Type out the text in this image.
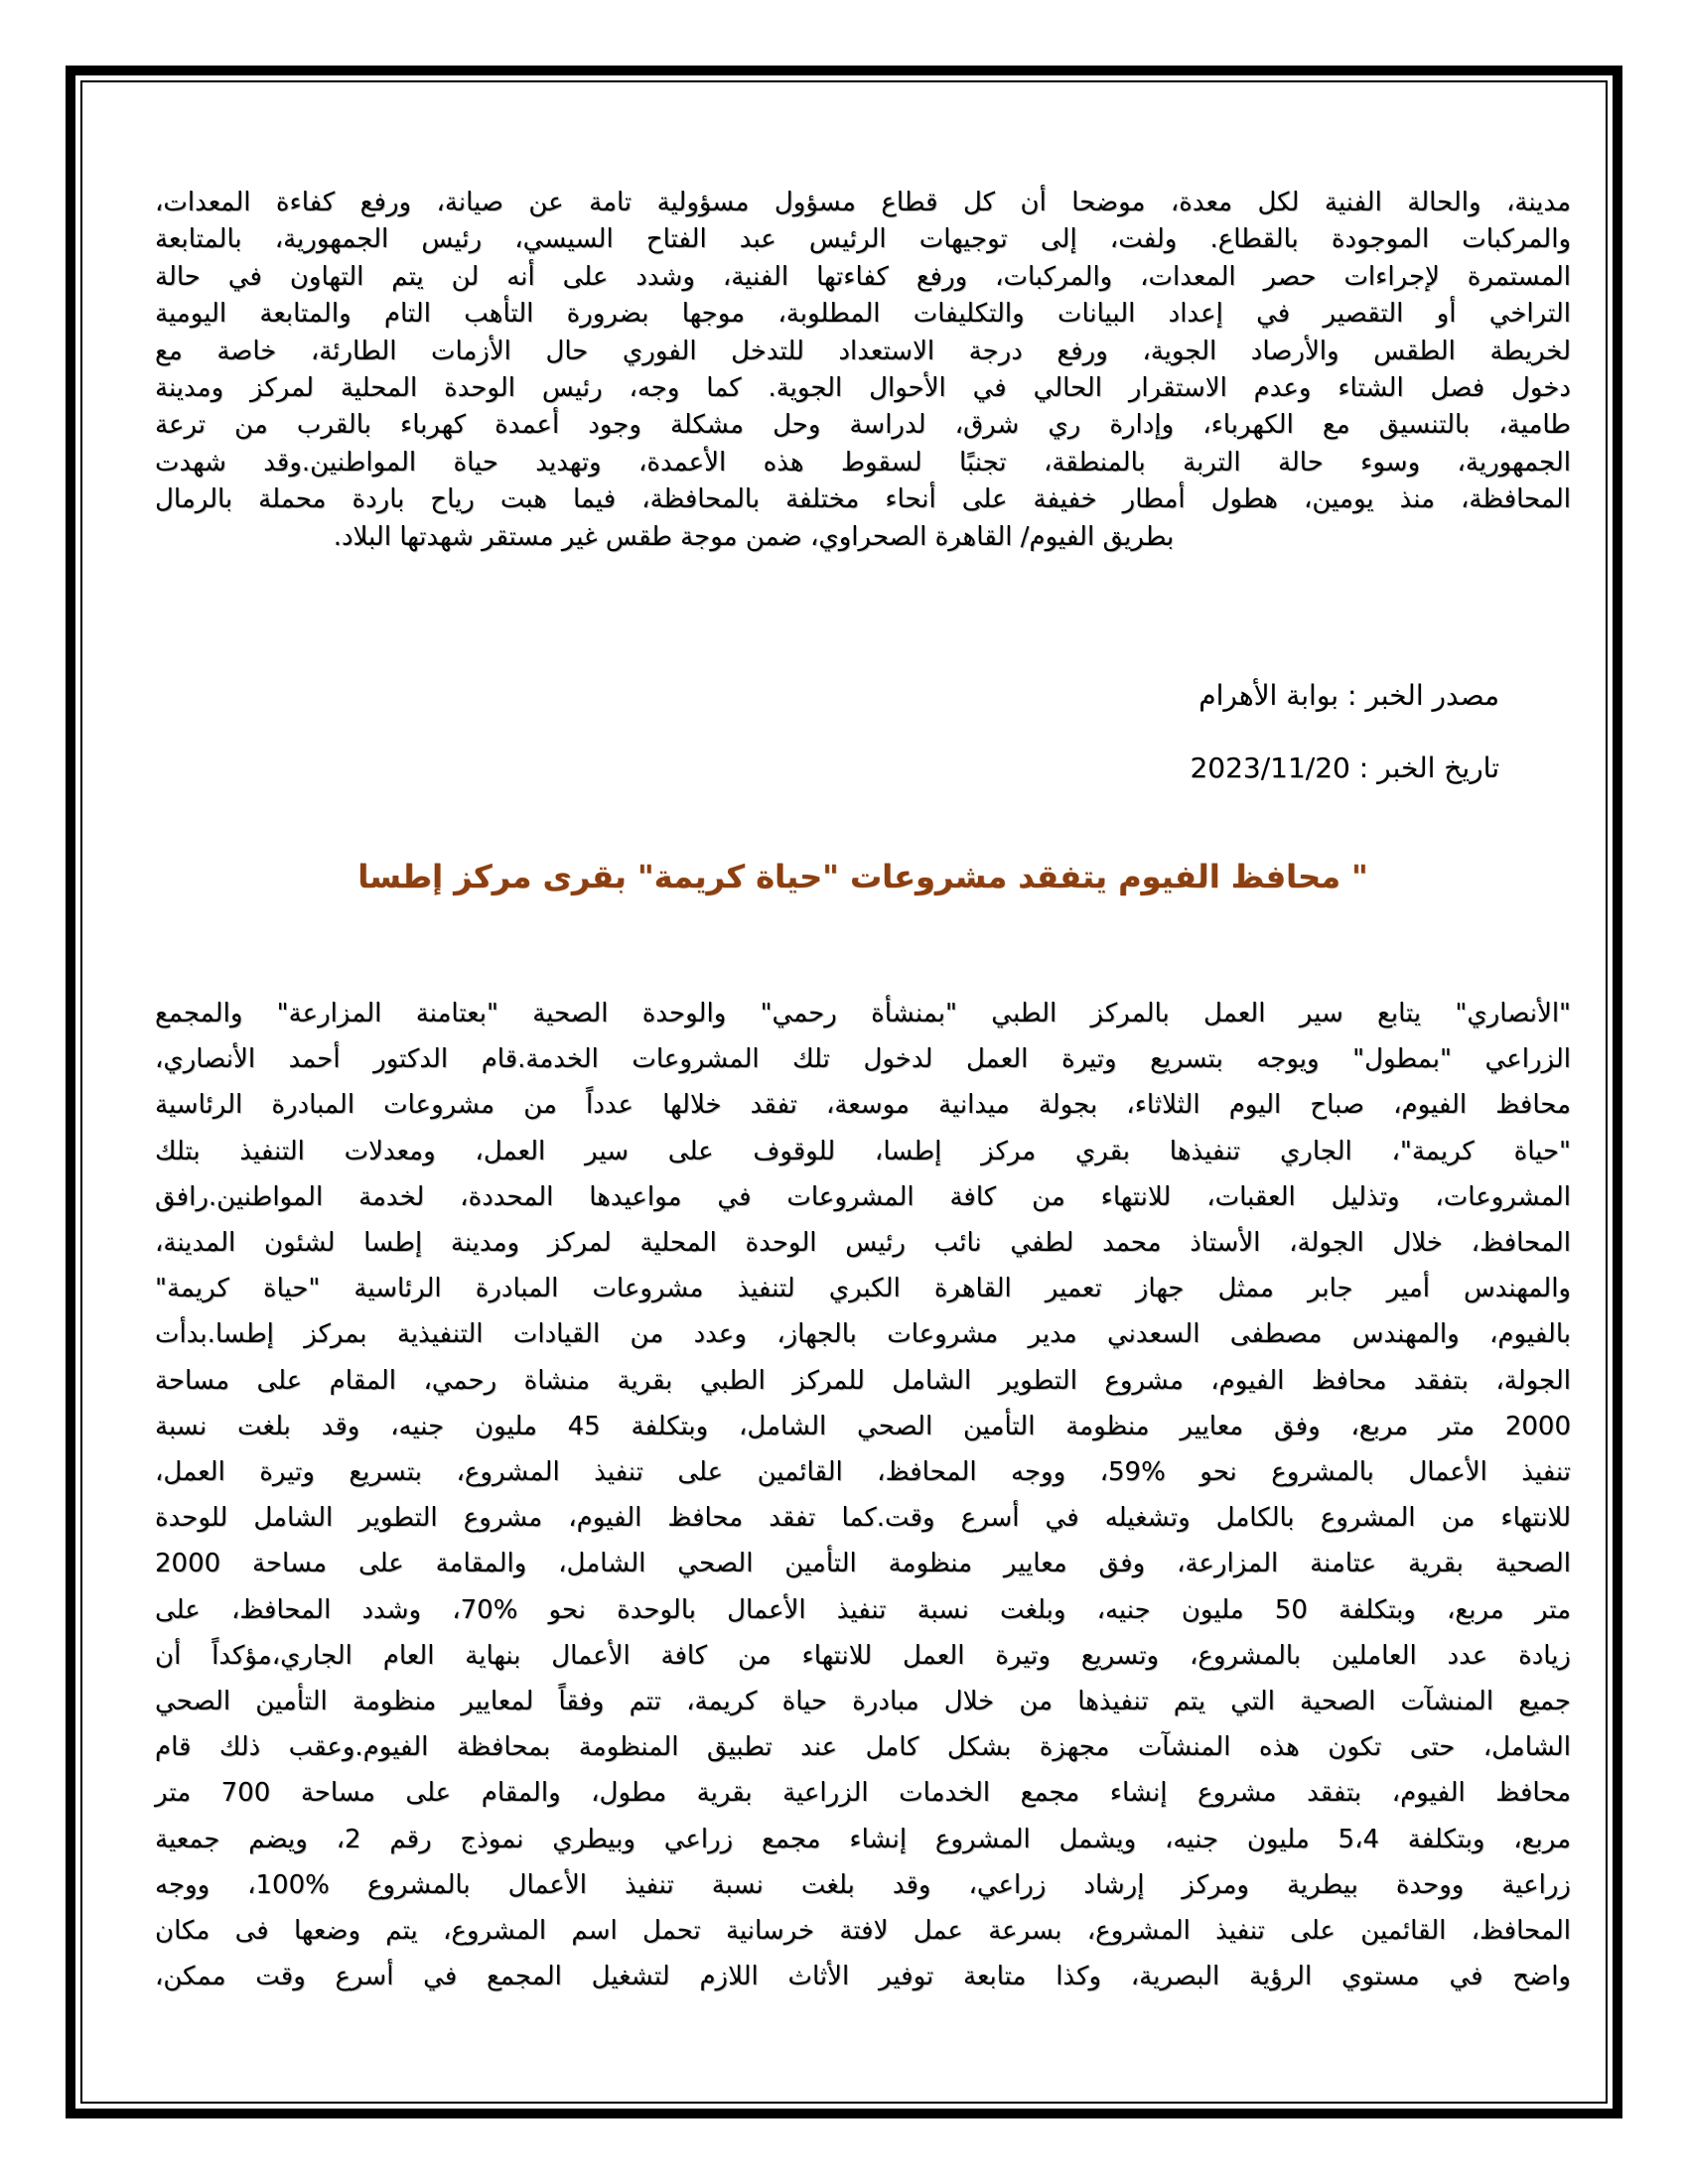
مدينة، والحالة الفنية لكل معدة، موضحا أن كل قطاع مسؤول مسؤولية تامة عن صيانة، ورفع كفاءة المعدات،
والمركبات الموجودة بالقطاع. ولفت، إلى توجيهات الرئيس عبد الفتاح السيسي، رئيس الجمهورية، بالمتابعة
المستمرة لإجراءات حصر المعدات، والمركبات، ورفع كفاءتها الفنية، وشدد على أنه لن يتم التهاون في حالة
التراخي أو التقصير في إعداد البيانات والتكليفات المطلوبة، موجها بضرورة التأهب التام والمتابعة اليومية
لخريطة الطقس والأرصاد الجوية، ورفع درجة الاستعداد للتدخل الفوري حال الأزمات الطارئة، خاصة مع
دخول فصل الشتاء وعدم الاستقرار الحالي في الأحوال الجوية. كما وجه، رئيس الوحدة المحلية لمركز ومدينة
طامية، بالتنسيق مع الكهرباء، وإدارة ري شرق، لدراسة وحل مشكلة وجود أعمدة كهرباء بالقرب من ترعة
الجمهورية، وسوء حالة التربة بالمنطقة، تجنبًا لسقوط هذه الأعمدة، وتهديد حياة المواطنين.وقد شهدت
المحافظة، منذ يومين، هطول أمطار خفيفة على أنحاء مختلفة بالمحافظة، فيما هبت رياح باردة محملة بالرمال
بطريق الفيوم/ القاهرة الصحراوي، ضمن موجة طقس غير مستقر شهدتها البلاد.
مصدر الخبر : بوابة الأهرام
تاريخ الخبر : 2023/11/20
" محافظ الفيوم يتفقد مشروعات "حياة كريمة" بقرى مركز إطسا
"الأنصاري" يتابع سير العمل بالمركز الطبي "بمنشأة رحمي" والوحدة الصحية "بعتامنة المزارعة" والمجمع
الزراعي "بمطول" ويوجه بتسريع وتيرة العمل لدخول تلك المشروعات الخدمة.قام الدكتور أحمد الأنصاري،
محافظ الفيوم، صباح اليوم الثلاثاء، بجولة ميدانية موسعة، تفقد خلالها عدداً من مشروعات المبادرة الرئاسية
"حياة كريمة"، الجاري تنفيذها بقري مركز إطسا، للوقوف على سير العمل، ومعدلات التنفيذ بتلك
المشروعات، وتذليل العقبات، للانتهاء من كافة المشروعات في مواعيدها المحددة، لخدمة المواطنين.رافق
المحافظ، خلال الجولة، الأستاذ محمد لطفي نائب رئيس الوحدة المحلية لمركز ومدينة إطسا لشئون المدينة،
والمهندس أمير جابر ممثل جهاز تعمير القاهرة الكبري لتنفيذ مشروعات المبادرة الرئاسية "حياة كريمة"
بالفيوم، والمهندس مصطفى السعدني مدير مشروعات بالجهاز، وعدد من القيادات التنفيذية بمركز إطسا.بدأت
الجولة، بتفقد محافظ الفيوم، مشروع التطوير الشامل للمركز الطبي بقرية منشاة رحمي، المقام على مساحة
2000 متر مربع، وفق معايير منظومة التأمين الصحي الشامل، وبتكلفة 45 مليون جنيه، وقد بلغت نسبة
تنفيذ الأعمال بالمشروع نحو %59، ووجه المحافظ، القائمين على تنفيذ المشروع، بتسريع وتيرة العمل،
للانتهاء من المشروع بالكامل وتشغيله في أسرع وقت.كما تفقد محافظ الفيوم، مشروع التطوير الشامل للوحدة
الصحية بقرية عتامنة المزارعة، وفق معايير منظومة التأمين الصحي الشامل، والمقامة على مساحة 2000
متر مربع، وبتكلفة 50 مليون جنيه، وبلغت نسبة تنفيذ الأعمال بالوحدة نحو %70، وشدد المحافظ، على
زيادة عدد العاملين بالمشروع، وتسريع وتيرة العمل للانتهاء من كافة الأعمال بنهاية العام الجاري،مؤكداً أن
جميع المنشآت الصحية التي يتم تنفيذها من خلال مبادرة حياة كريمة، تتم وفقاً لمعايير منظومة التأمين الصحي
الشامل، حتى تكون هذه المنشآت مجهزة بشكل كامل عند تطبيق المنظومة بمحافظة الفيوم.وعقب ذلك قام
محافظ الفيوم، بتفقد مشروع إنشاء مجمع الخدمات الزراعية بقرية مطول، والمقام على مساحة 700 متر
مربع، وبتكلفة 5،4 مليون جنيه، ويشمل المشروع إنشاء مجمع زراعي وبيطري نموذج رقم 2، ويضم جمعية
زراعية ووحدة بيطرية ومركز إرشاد زراعي، وقد بلغت نسبة تنفيذ الأعمال بالمشروع %100، ووجه
المحافظ، القائمين على تنفيذ المشروع، بسرعة عمل لافتة خرسانية تحمل اسم المشروع، يتم وضعها فى مكان
واضح في مستوي الرؤية البصرية، وكذا متابعة توفير الأثاث اللازم لتشغيل المجمع في أسرع وقت ممكن،
